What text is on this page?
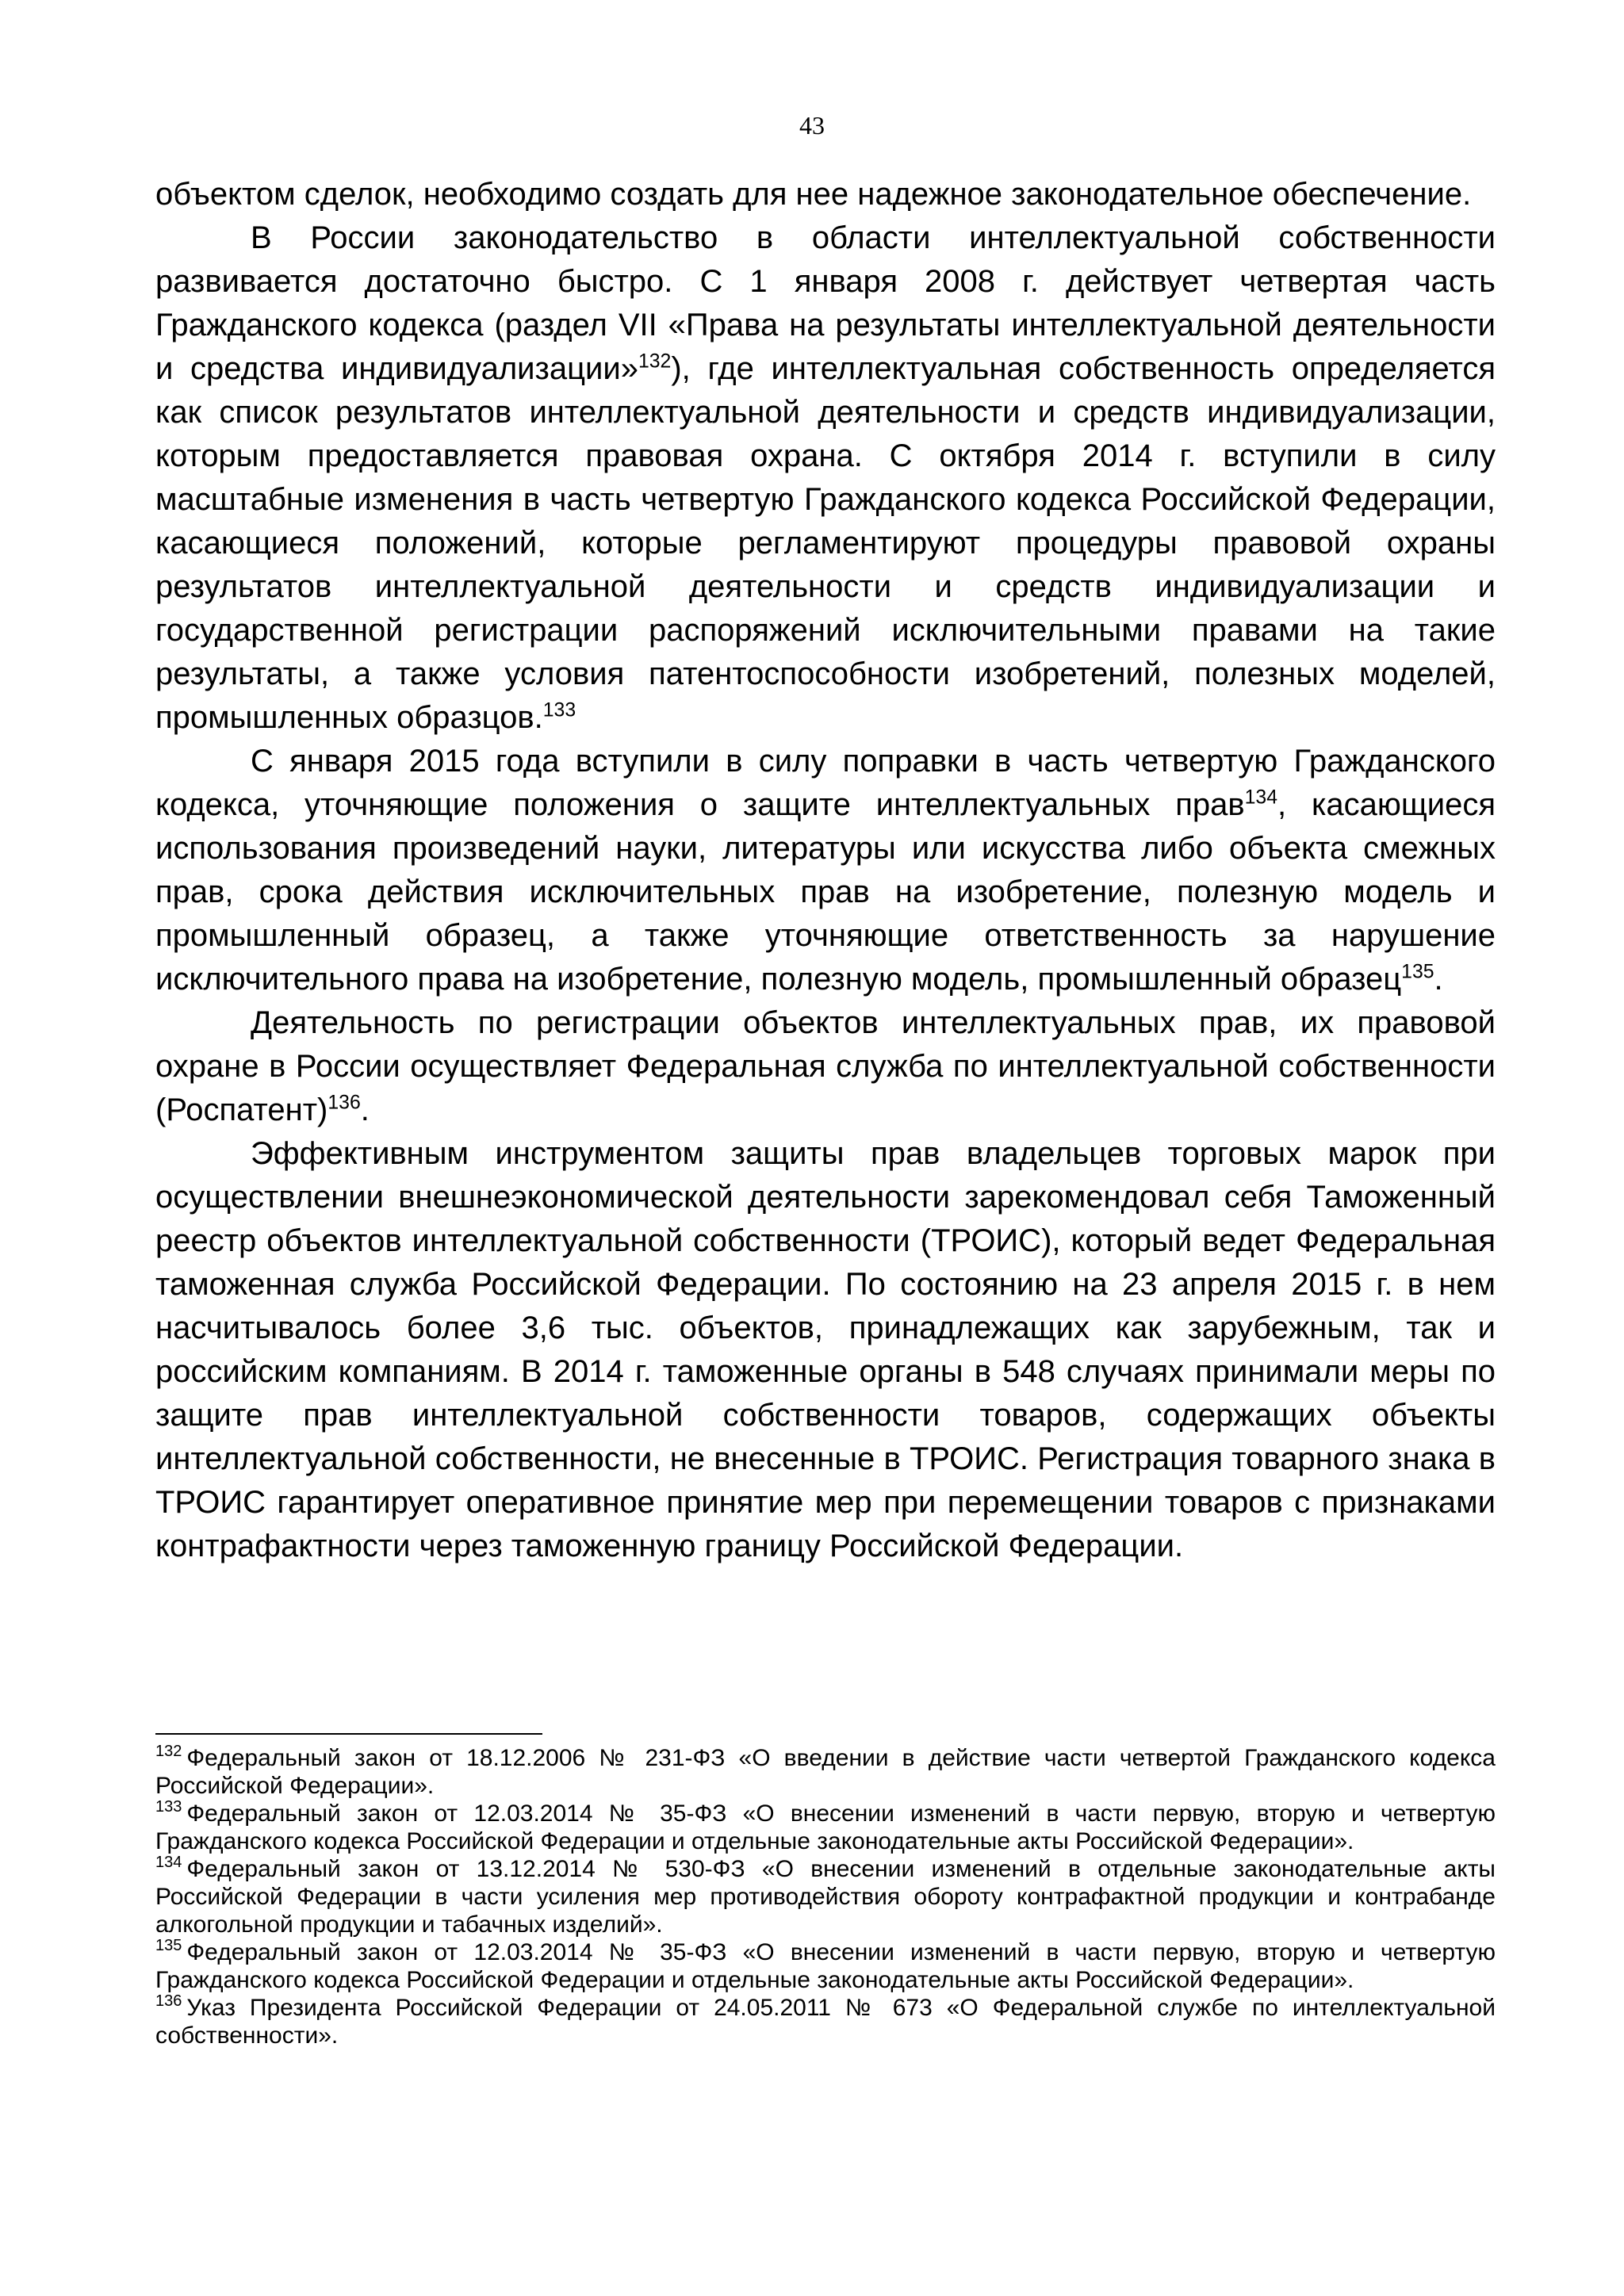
43

объектом сделок, необходимо создать для нее надежное законодательное обеспечение.

В России законодательство в области интеллектуальной собственности развивается достаточно быстро. С 1 января 2008 г. действует четвертая часть Гражданского кодекса (раздел VII «Права на результаты интеллектуальной деятельности и средства индивидуализации»$^{132}$), где интеллектуальная собственность определяется как список результатов интеллектуальной деятельности и средств индивидуализации, которым предоставляется правовая охрана. С октября 2014 г. вступили в силу масштабные изменения в часть четвертую Гражданского кодекса Российской Федерации, касающиеся положений, которые регламентируют процедуры правовой охраны результатов интеллектуальной деятельности и средств индивидуализации и государственной регистрации распоряжений исключительными правами на такие результаты, а также условия патентоспособности изобретений, полезных моделей, промышленных образцов.$^{133}$

С января 2015 года вступили в силу поправки в часть четвертую Гражданского кодекса, уточняющие положения о защите интеллектуальных прав$^{134}$, касающиеся использования произведений науки, литературы или искусства либо объекта смежных прав, срока действия исключительных прав на изобретение, полезную модель и промышленный образец, а также уточняющие ответственность за нарушение исключительного права на изобретение, полезную модель, промышленный образец$^{135}$.

Деятельность по регистрации объектов интеллектуальных прав, их правовой охране в России осуществляет Федеральная служба по интеллектуальной собственности (Роспатент)$^{136}$.

Эффективным инструментом защиты прав владельцев торговых марок при осуществлении внешнеэкономической деятельности зарекомендовал себя Таможенный реестр объектов интеллектуальной собственности (ТРОИС), который ведет Федеральная таможенная служба Российской Федерации. По состоянию на 23 апреля 2015 г. в нем насчитывалось более 3,6 тыс. объектов, принадлежащих как зарубежным, так и российским компаниям. В 2014 г. таможенные органы в 548 случаях принимали меры по защите прав интеллектуальной собственности товаров, содержащих объекты интеллектуальной собственности, не внесенные в ТРОИС. Регистрация товарного знака в ТРОИС гарантирует оперативное принятие мер при перемещении товаров с признаками контрафактности через таможенную границу Российской Федерации.

$^{132}$ Федеральный закон от 18.12.2006 № 231-ФЗ «О введении в действие части четвертой Гражданского кодекса Российской Федерации».

$^{133}$ Федеральный закон от 12.03.2014 № 35-ФЗ «О внесении изменений в части первую, вторую и четвертую Гражданского кодекса Российской Федерации и отдельные законодательные акты Российской Федерации».

$^{134}$ Федеральный закон от 13.12.2014 № 530-ФЗ «О внесении изменений в отдельные законодательные акты Российской Федерации в части усиления мер противодействия обороту контрафактной продукции и контрабанде алкогольной продукции и табачных изделий».

$^{135}$ Федеральный закон от 12.03.2014 № 35-ФЗ «О внесении изменений в части первую, вторую и четвертую Гражданского кодекса Российской Федерации и отдельные законодательные акты Российской Федерации».

$^{136}$ Указ Президента Российской Федерации от 24.05.2011 № 673 «О Федеральной службе по интеллектуальной собственности».
